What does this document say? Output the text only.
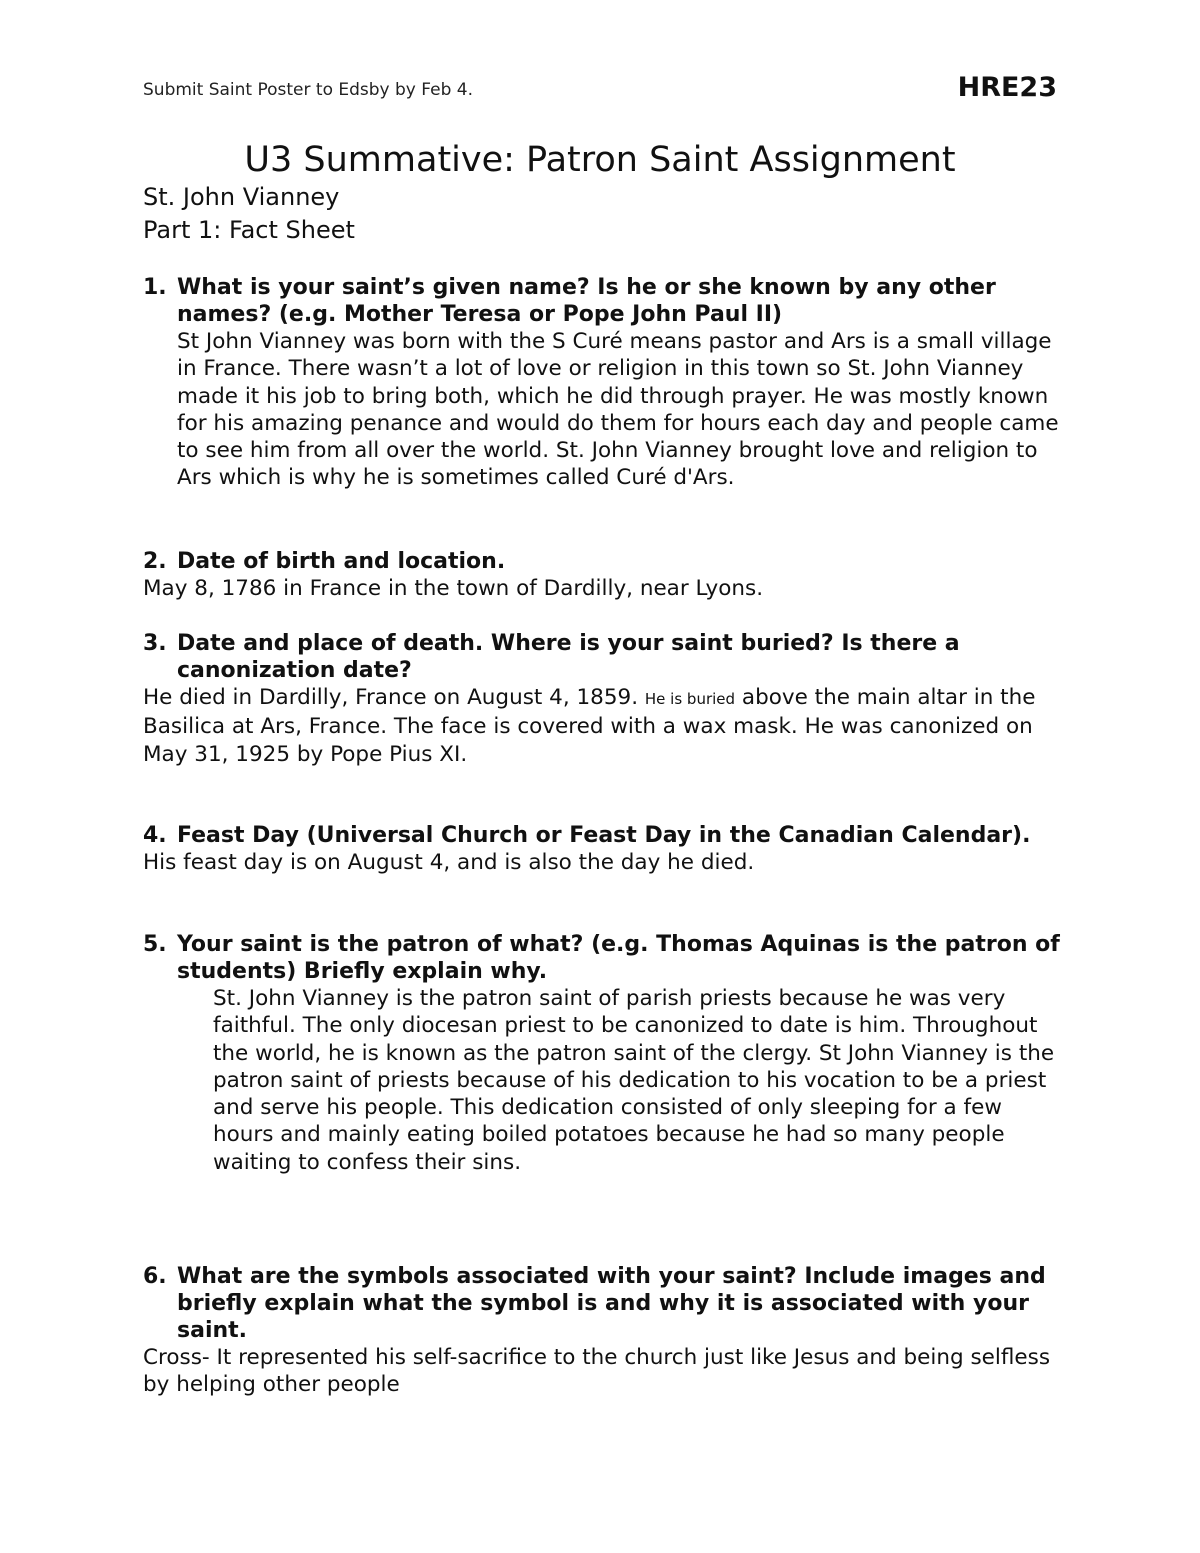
Submit Saint Poster to Edsby by Feb 4.	HRE23
U3 Summative: Patron Saint Assignment
St. John Vianney
Part 1: Fact Sheet
1. What is your saint’s given name? Is he or she known by any other names? (e.g. Mother Teresa or Pope John Paul II)
St John Vianney was born with the S Curé means pastor and Ars is a small village in France. There wasn’t a lot of love or religion in this town so St. John Vianney made it his job to bring both, which he did through prayer. He was mostly known for his amazing penance and would do them for hours each day and people came to see him from all over the world. St. John Vianney brought love and religion to Ars which is why he is sometimes called Curé d'Ars.
2. Date of birth and location.
May 8, 1786 in France in the town of Dardilly, near Lyons.
3. Date and place of death. Where is your saint buried? Is there a canonization date?
He died in Dardilly, France on August 4, 1859. He is buried above the main altar in the Basilica at Ars, France. The face is covered with a wax mask. He was canonized on May 31, 1925 by Pope Pius XI.
4. Feast Day (Universal Church or Feast Day in the Canadian Calendar).
His feast day is on August 4, and is also the day he died.
5. Your saint is the patron of what? (e.g. Thomas Aquinas is the patron of students) Briefly explain why.
St. John Vianney is the patron saint of parish priests because he was very faithful. The only diocesan priest to be canonized to date is him. Throughout the world, he is known as the patron saint of the clergy. St John Vianney is the patron saint of priests because of his dedication to his vocation to be a priest and serve his people. This dedication consisted of only sleeping for a few hours and mainly eating boiled potatoes because he had so many people waiting to confess their sins.
6. What are the symbols associated with your saint? Include images and briefly explain what the symbol is and why it is associated with your saint.
Cross- It represented his self-sacrifice to the church just like Jesus and being selfless by helping other people
